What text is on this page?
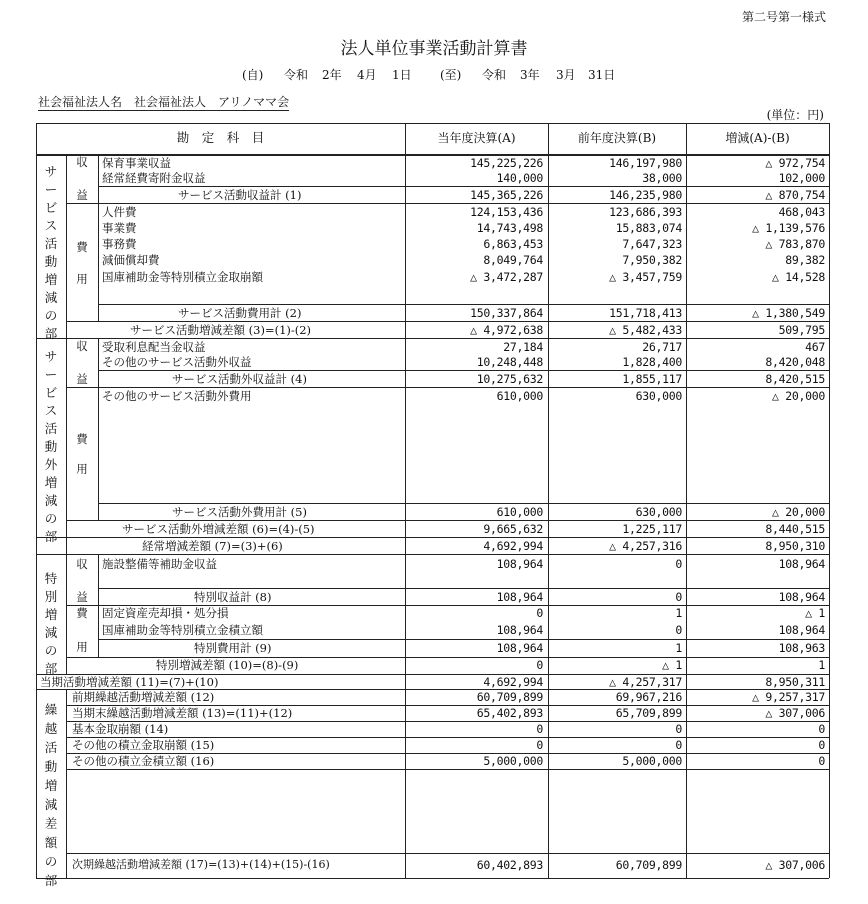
第二号第一様式
法人単位事業活動計算書
(自) 令和 2年 4月 1日 (至) 令和 3年 3月 31日
社会福祉法人名　 社会福祉法人　アリノママ会
(単位：円)
勘　定　科　目	当年度決算(A)	前年度決算(B)	増減(A)-(B)
サービス活動増減の部
サービス活動外増減の部
特別増減の部
繰越活動増減差額の部
収
益
費
用
収
益
費
用
収
益
費
用
保育事業収益	145,225,226	146,197,980	△ 972,754
経常経費寄附金収益	140,000	38,000	102,000
サービス活動収益計 (1)	145,365,226	146,235,980	△ 870,754
人件費	124,153,436	123,686,393	468,043
事業費	14,743,498	15,883,074	△ 1,139,576
事務費	6,863,453	7,647,323	△ 783,870
減価償却費	8,049,764	7,950,382	89,382
国庫補助金等特別積立金取崩額	△ 3,472,287	△ 3,457,759	△ 14,528
サービス活動費用計 (2)	150,337,864	151,718,413	△ 1,380,549
サービス活動増減差額 (3)=(1)-(2)	△ 4,972,638	△ 5,482,433	509,795
受取利息配当金収益	27,184	26,717	467
その他のサービス活動外収益	10,248,448	1,828,400	8,420,048
サービス活動外収益計 (4)	10,275,632	1,855,117	8,420,515
その他のサービス活動外費用	610,000	630,000	△ 20,000
サービス活動外費用計 (5)	610,000	630,000	△ 20,000
サービス活動外増減差額 (6)=(4)-(5)	9,665,632	1,225,117	8,440,515
経常増減差額 (7)=(3)+(6)	4,692,994	△ 4,257,316	8,950,310
施設整備等補助金収益	108,964	0	108,964
特別収益計 (8)	108,964	0	108,964
固定資産売却損・処分損	0	1	△ 1
国庫補助金等特別積立金積立額	108,964	0	108,964
特別費用計 (9)	108,964	1	108,963
特別増減差額 (10)=(8)-(9)	0	△ 1	1
当期活動増減差額 (11)=(7)+(10)	4,692,994	△ 4,257,317	8,950,311
前期繰越活動増減差額 (12)	60,709,899	69,967,216	△ 9,257,317
当期末繰越活動増減差額 (13)=(11)+(12)	65,402,893	65,709,899	△ 307,006
基本金取崩額 (14)	0	0	0
その他の積立金取崩額 (15)	0	0	0
その他の積立金積立額 (16)	5,000,000	5,000,000	0
次期繰越活動増減差額 (17)=(13)+(14)+(15)-(16)	60,402,893	60,709,899	△ 307,006
